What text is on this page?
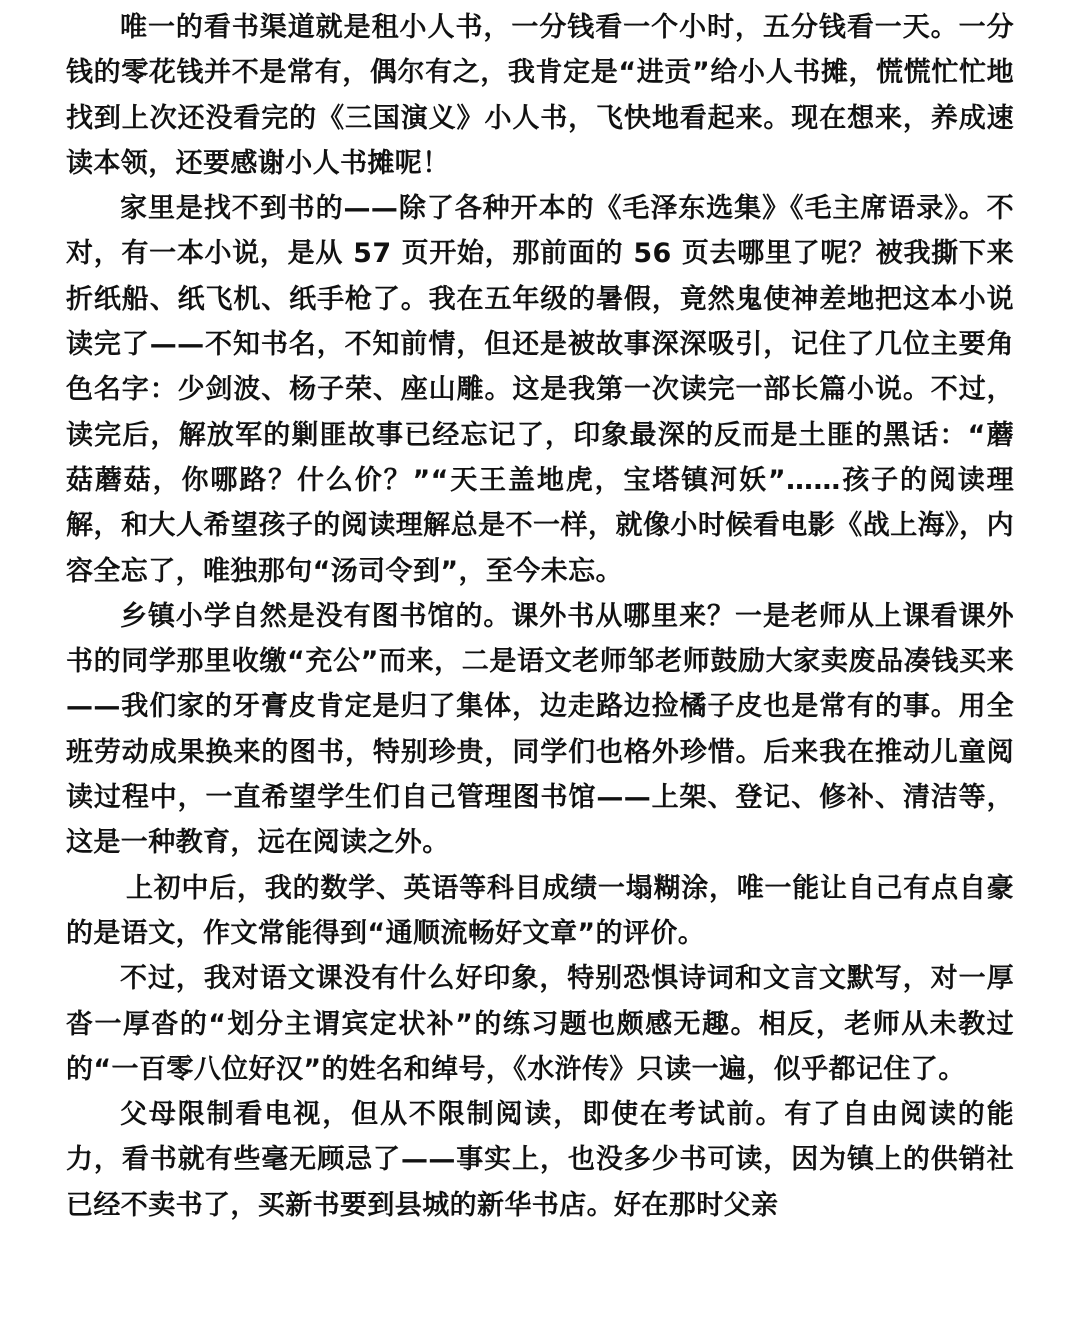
唯一的看书渠道就是租小人书，一分钱看一个小时，五分钱看一天。一分钱的零花钱并不是常有，偶尔有之，我肯定是“进贡”给小人书摊，慌慌忙忙地找到上次还没看完的《三国演义》小人书，飞快地看起来。现在想来，养成速读本领，还要感谢小人书摊呢！

家里是找不到书的——除了各种开本的《毛泽东选集》《毛主席语录》。不对，有一本小说，是从 57 页开始，那前面的 56 页去哪里了呢？被我撕下来折纸船、纸飞机、纸手枪了。我在五年级的暑假，竟然鬼使神差地把这本小说读完了——不知书名，不知前情，但还是被故事深深吸引，记住了几位主要角色名字：少剑波、杨子荣、座山雕。这是我第一次读完一部长篇小说。不过，读完后，解放军的剿匪故事已经忘记了，印象最深的反而是土匪的黑话：“蘑菇蘑菇，你哪路？什么价？”“天王盖地虎，宝塔镇河妖”……孩子的阅读理解，和大人希望孩子的阅读理解总是不一样，就像小时候看电影《战上海》，内容全忘了，唯独那句“汤司令到”，至今未忘。

乡镇小学自然是没有图书馆的。课外书从哪里来？一是老师从上课看课外书的同学那里收缴“充公”而来，二是语文老师邹老师鼓励大家卖废品凑钱买来——我们家的牙膏皮肯定是归了集体，边走路边捡橘子皮也是常有的事。用全班劳动成果换来的图书，特别珍贵，同学们也格外珍惜。后来我在推动儿童阅读过程中，一直希望学生们自己管理图书馆——上架、登记、修补、清洁等，这是一种教育，远在阅读之外。

上初中后，我的数学、英语等科目成绩一塌糊涂，唯一能让自己有点自豪的是语文，作文常能得到“通顺流畅好文章”的评价。

不过，我对语文课没有什么好印象，特别恐惧诗词和文言文默写，对一厚沓一厚沓的“划分主谓宾定状补”的练习题也颇感无趣。相反，老师从未教过的“一百零八位好汉”的姓名和绰号，《水浒传》只读一遍，似乎都记住了。

父母限制看电视，但从不限制阅读，即使在考试前。有了自由阅读的能力，看书就有些毫无顾忌了——事实上，也没多少书可读，因为镇上的供销社已经不卖书了，买新书要到县城的新华书店。好在那时父亲
